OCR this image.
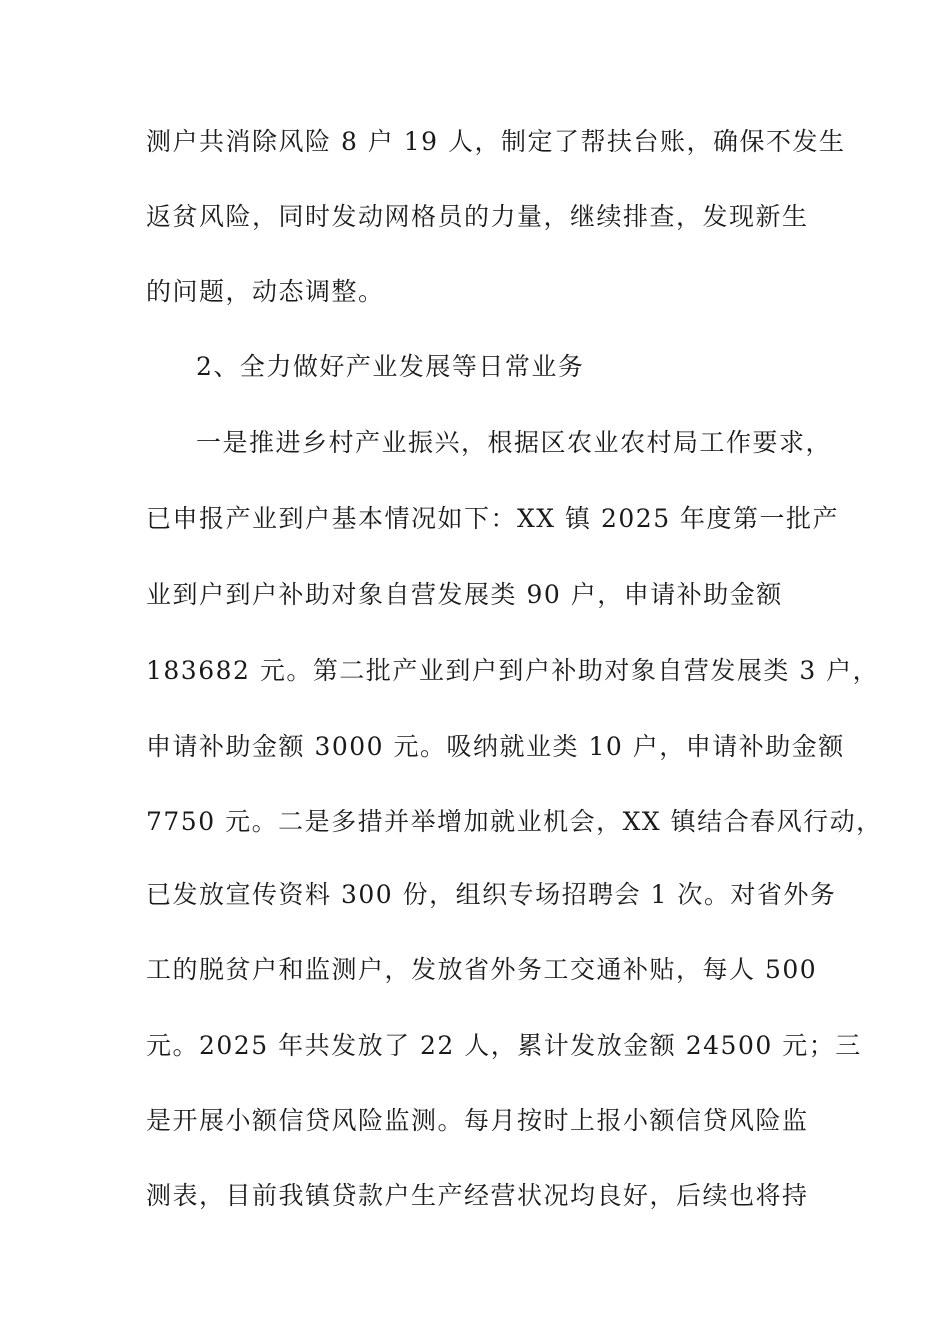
测户共消除风险 8 户 19 人，制定了帮扶台账，确保不发生
返贫风险，同时发动网格员的力量，继续排查，发现新生
的问题，动态调整。
2、全力做好产业发展等日常业务
一是推进乡村产业振兴，根据区农业农村局工作要求，
已申报产业到户基本情况如下：XX 镇 2025 年度第一批产
业到户到户补助对象自营发展类 90 户，申请补助金额
183682 元。第二批产业到户到户补助对象自营发展类 3 户，
申请补助金额 3000 元。吸纳就业类 10 户，申请补助金额
7750 元。二是多措并举增加就业机会，XX 镇结合春风行动，
已发放宣传资料 300 份，组织专场招聘会 1 次。对省外务
工的脱贫户和监测户，发放省外务工交通补贴，每人 500
元。2025 年共发放了 22 人，累计发放金额 24500 元；三
是开展小额信贷风险监测。每月按时上报小额信贷风险监
测表，目前我镇贷款户生产经营状况均良好，后续也将持
